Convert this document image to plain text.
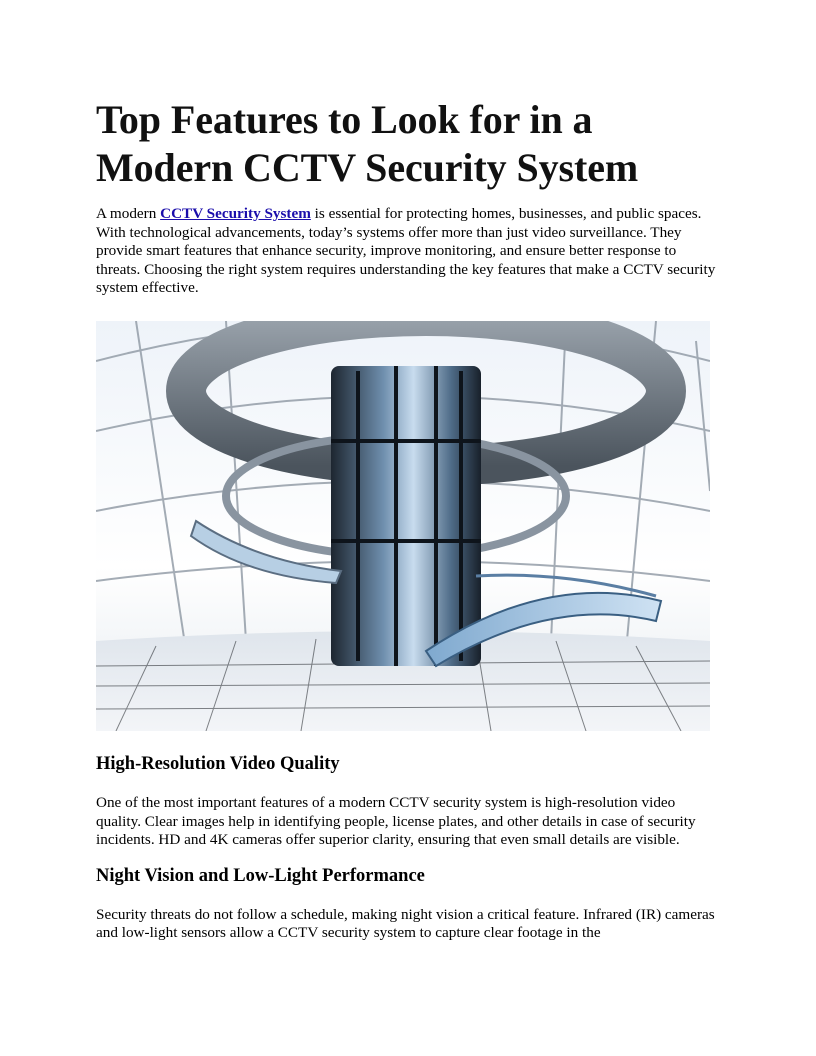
Top Features to Look for in a Modern CCTV Security System

A modern CCTV Security System is essential for protecting homes, businesses, and public spaces. With technological advancements, today’s systems offer more than just video surveillance. They provide smart features that enhance security, improve monitoring, and ensure better response to threats. Choosing the right system requires understanding the key features that make a CCTV security system effective.

High-Resolution Video Quality

One of the most important features of a modern CCTV security system is high-resolution video quality. Clear images help in identifying people, license plates, and other details in case of security incidents. HD and 4K cameras offer superior clarity, ensuring that even small details are visible.

Night Vision and Low-Light Performance

Security threats do not follow a schedule, making night vision a critical feature. Infrared (IR) cameras and low-light sensors allow a CCTV security system to capture clear footage in the
